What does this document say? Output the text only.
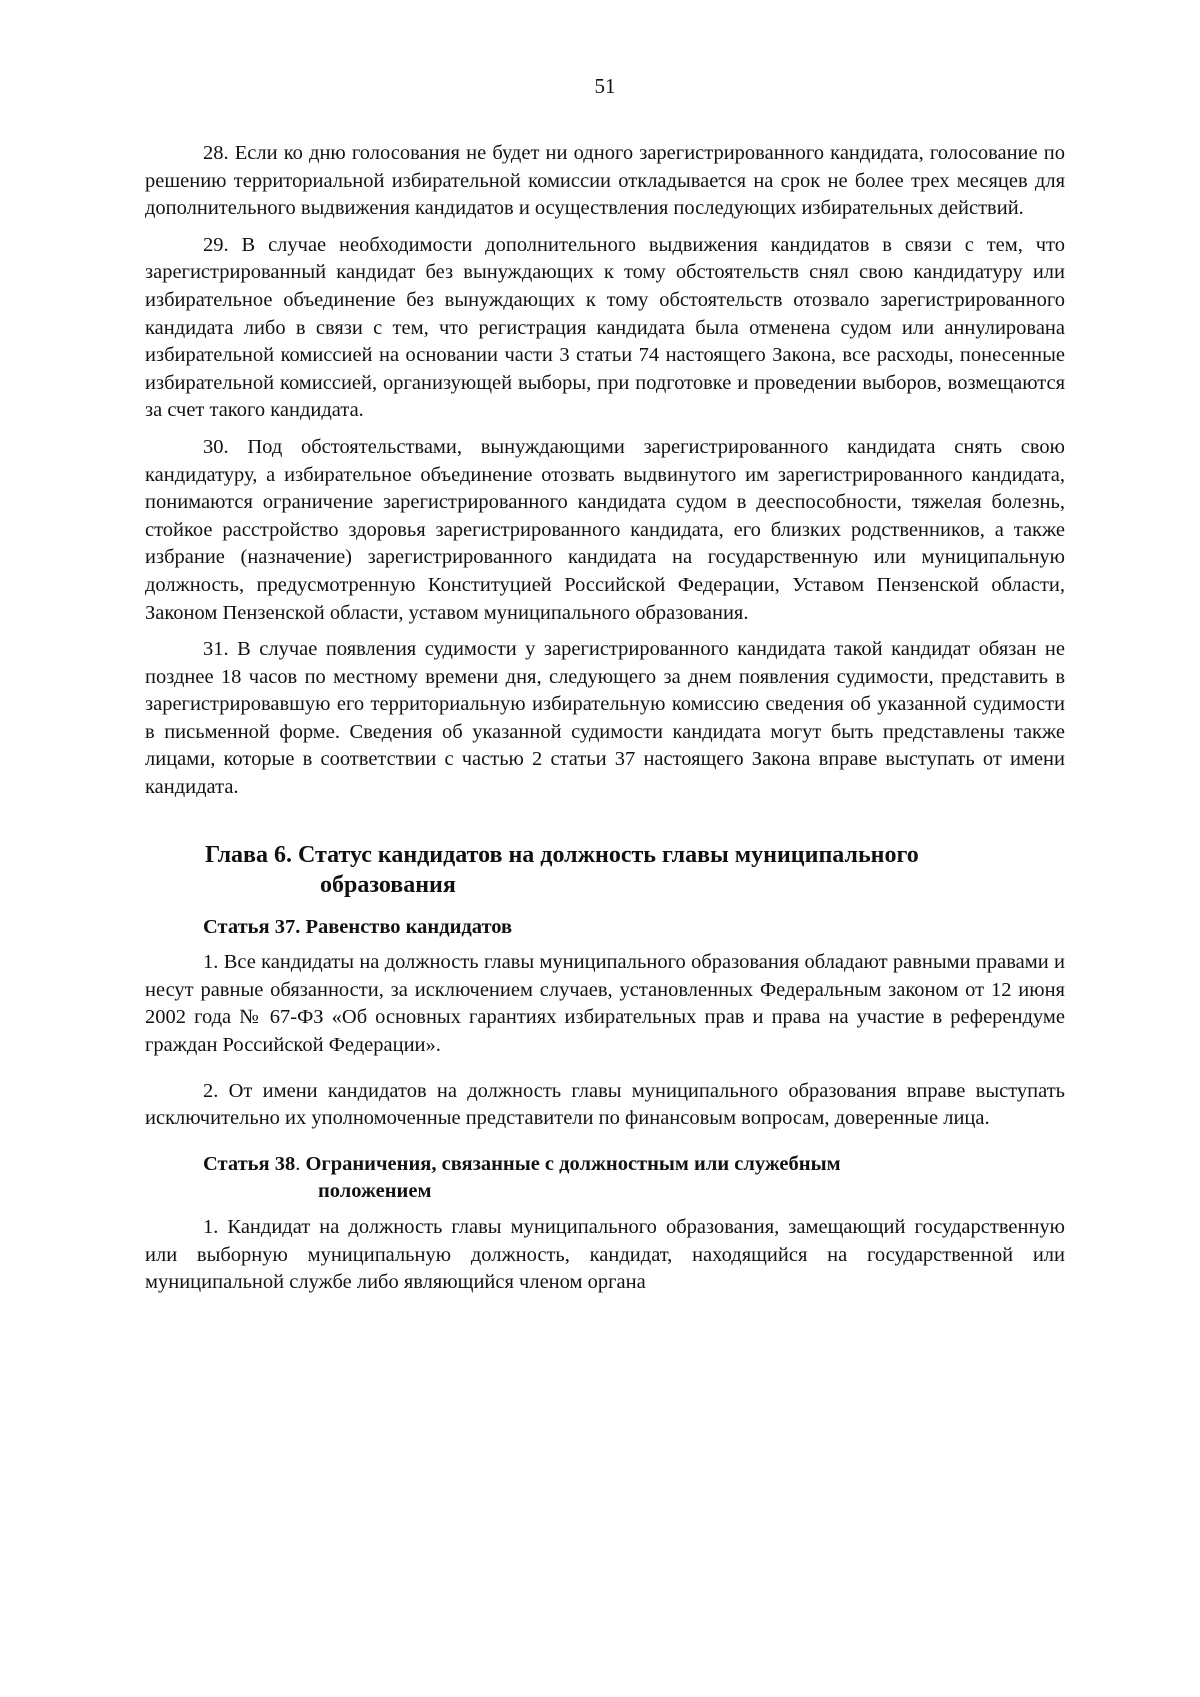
51

28. Если ко дню голосования не будет ни одного зарегистрированного кандидата, голосование по решению территориальной избирательной комиссии откладывается на срок не более трех месяцев для дополнительного выдвижения кандидатов и осуществления последующих избирательных действий.

29. В случае необходимости дополнительного выдвижения кандидатов в связи с тем, что зарегистрированный кандидат без вынуждающих к тому обстоятельств снял свою кандидатуру или избирательное объединение без вынуждающих к тому обстоятельств отозвало зарегистрированного кандидата либо в связи с тем, что регистрация кандидата была отменена судом или аннулирована избирательной комиссией на основании части 3 статьи 74 настоящего Закона, все расходы, понесенные избирательной комиссией, организующей выборы, при подготовке и проведении выборов, возмещаются за счет такого кандидата.

30. Под обстоятельствами, вынуждающими зарегистрированного кандидата снять свою кандидатуру, а избирательное объединение отозвать выдвинутого им зарегистрированного кандидата, понимаются ограничение зарегистрированного кандидата судом в дееспособности, тяжелая болезнь, стойкое расстройство здоровья зарегистрированного кандидата, его близких родственников, а также избрание (назначение) зарегистрированного кандидата на государственную или муниципальную должность, предусмотренную Конституцией Российской Федерации, Уставом Пензенской области, Законом Пензенской области, уставом муниципального образования.

31. В случае появления судимости у зарегистрированного кандидата такой кандидат обязан не позднее 18 часов по местному времени дня, следующего за днем появления судимости, представить в зарегистрировавшую его территориальную избирательную комиссию сведения об указанной судимости в письменной форме. Сведения об указанной судимости кандидата могут быть представлены также лицами, которые в соответствии с частью 2 статьи 37 настоящего Закона вправе выступать от имени кандидата.

Глава 6. Статус кандидатов на должность главы муниципального
образования
Статья 37. Равенство кандидатов

1. Все кандидаты на должность главы муниципального образования обладают равными правами и несут равные обязанности, за исключением случаев, установленных Федеральным законом от 12 июня 2002 года № 67-ФЗ «Об основных гарантиях избирательных прав и права на участие в референдуме граждан Российской Федерации».

2. От имени кандидатов на должность главы муниципального образования вправе выступать исключительно их уполномоченные представители по финансовым вопросам, доверенные лица.

Статья 38. Ограничения, связанные с должностным или служебным
положением

1. Кандидат на должность главы муниципального образования, замещающий государственную или выборную муниципальную должность, кандидат, находящийся на государственной или муниципальной службе либо являющийся членом органа
